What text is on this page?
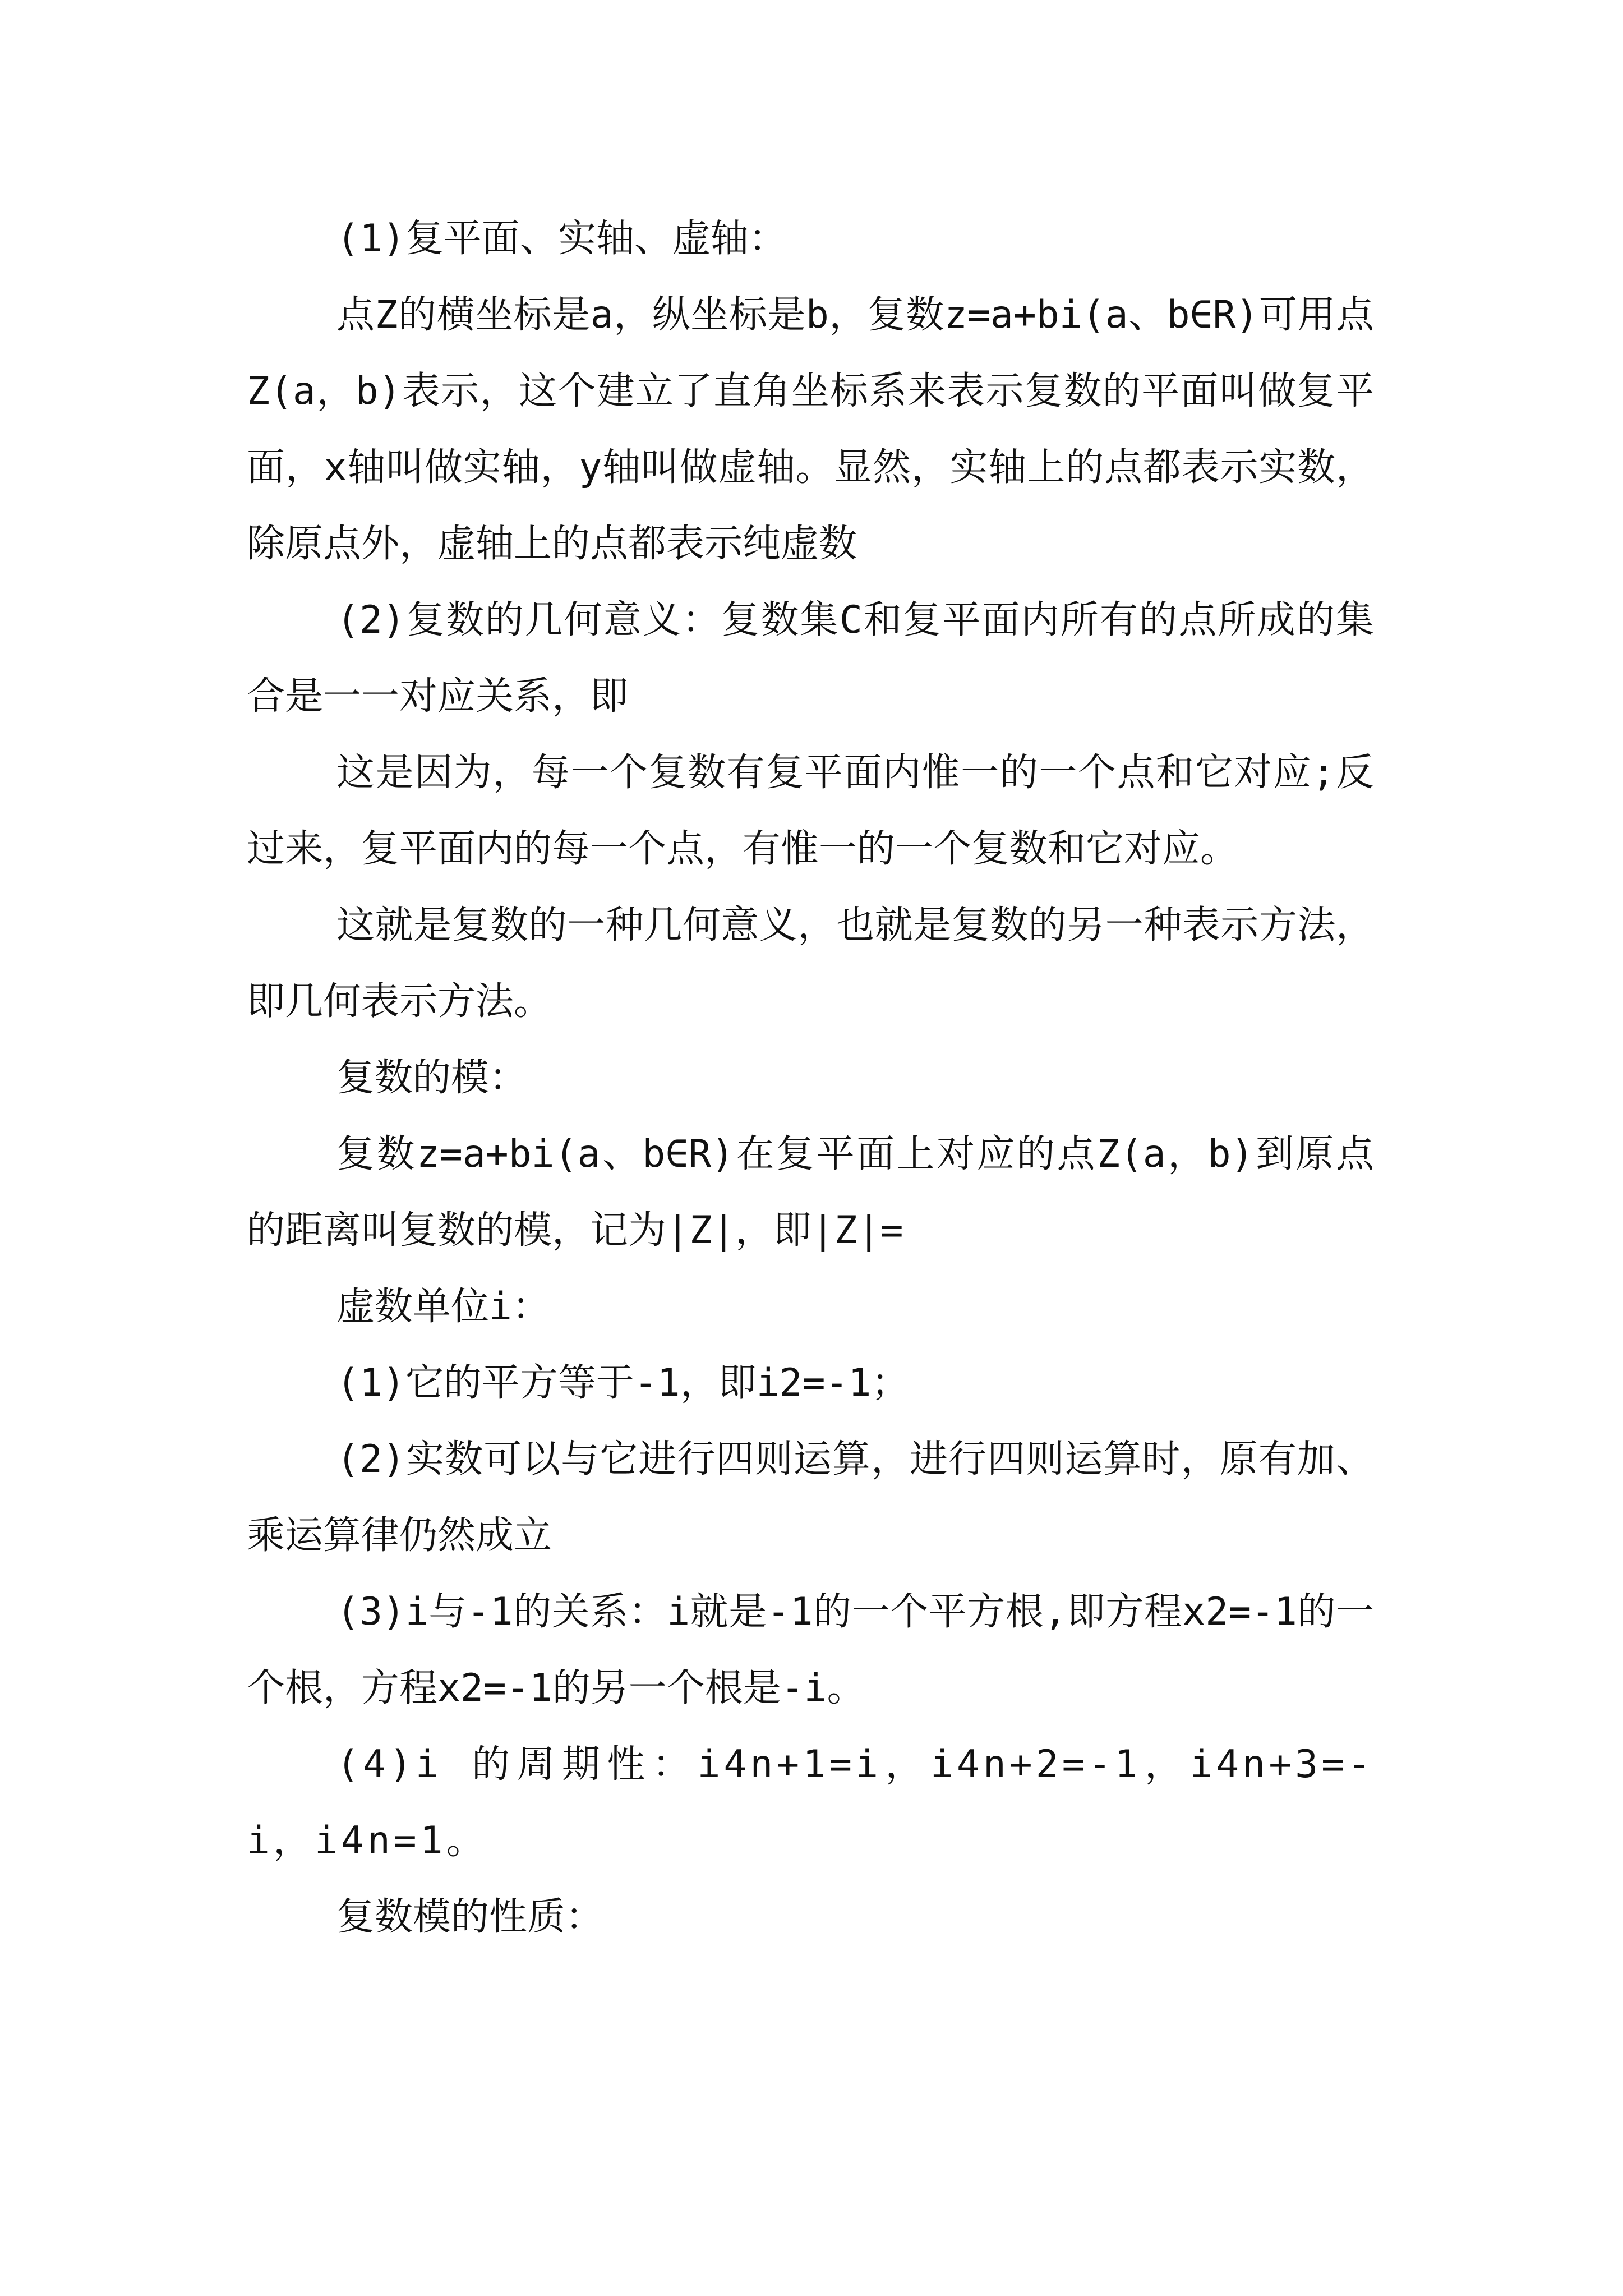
(1)复平面、实轴、虚轴：

点Z的横坐标是a，纵坐标是b，复数z=a+bi(a、b∈R)可用点Z(a，b)表示，这个建立了直角坐标系来表示复数的平面叫做复平面，x轴叫做实轴，y轴叫做虚轴。显然，实轴上的点都表示实数，除原点外，虚轴上的点都表示纯虚数

(2)复数的几何意义：复数集C和复平面内所有的点所成的集合是一一对应关系，即

这是因为，每一个复数有复平面内惟一的一个点和它对应;反过来，复平面内的每一个点，有惟一的一个复数和它对应。

这就是复数的一种几何意义，也就是复数的另一种表示方法，即几何表示方法。

复数的模：

复数z=a+bi(a、b∈R)在复平面上对应的点Z(a，b)到原点的距离叫复数的模，记为|Z|，即|Z|=

虚数单位i：

(1)它的平方等于-1，即i2=-1；

(2)实数可以与它进行四则运算，进行四则运算时，原有加、乘运算律仍然成立

(3)i与-1的关系：i就是-1的一个平方根,即方程x2=-1的一个根，方程x2=-1的另一个根是-i。

(4)i 的周期性：i4n+1=i，i4n+2=-1，i4n+3=-i，i4n=1。

复数模的性质：
